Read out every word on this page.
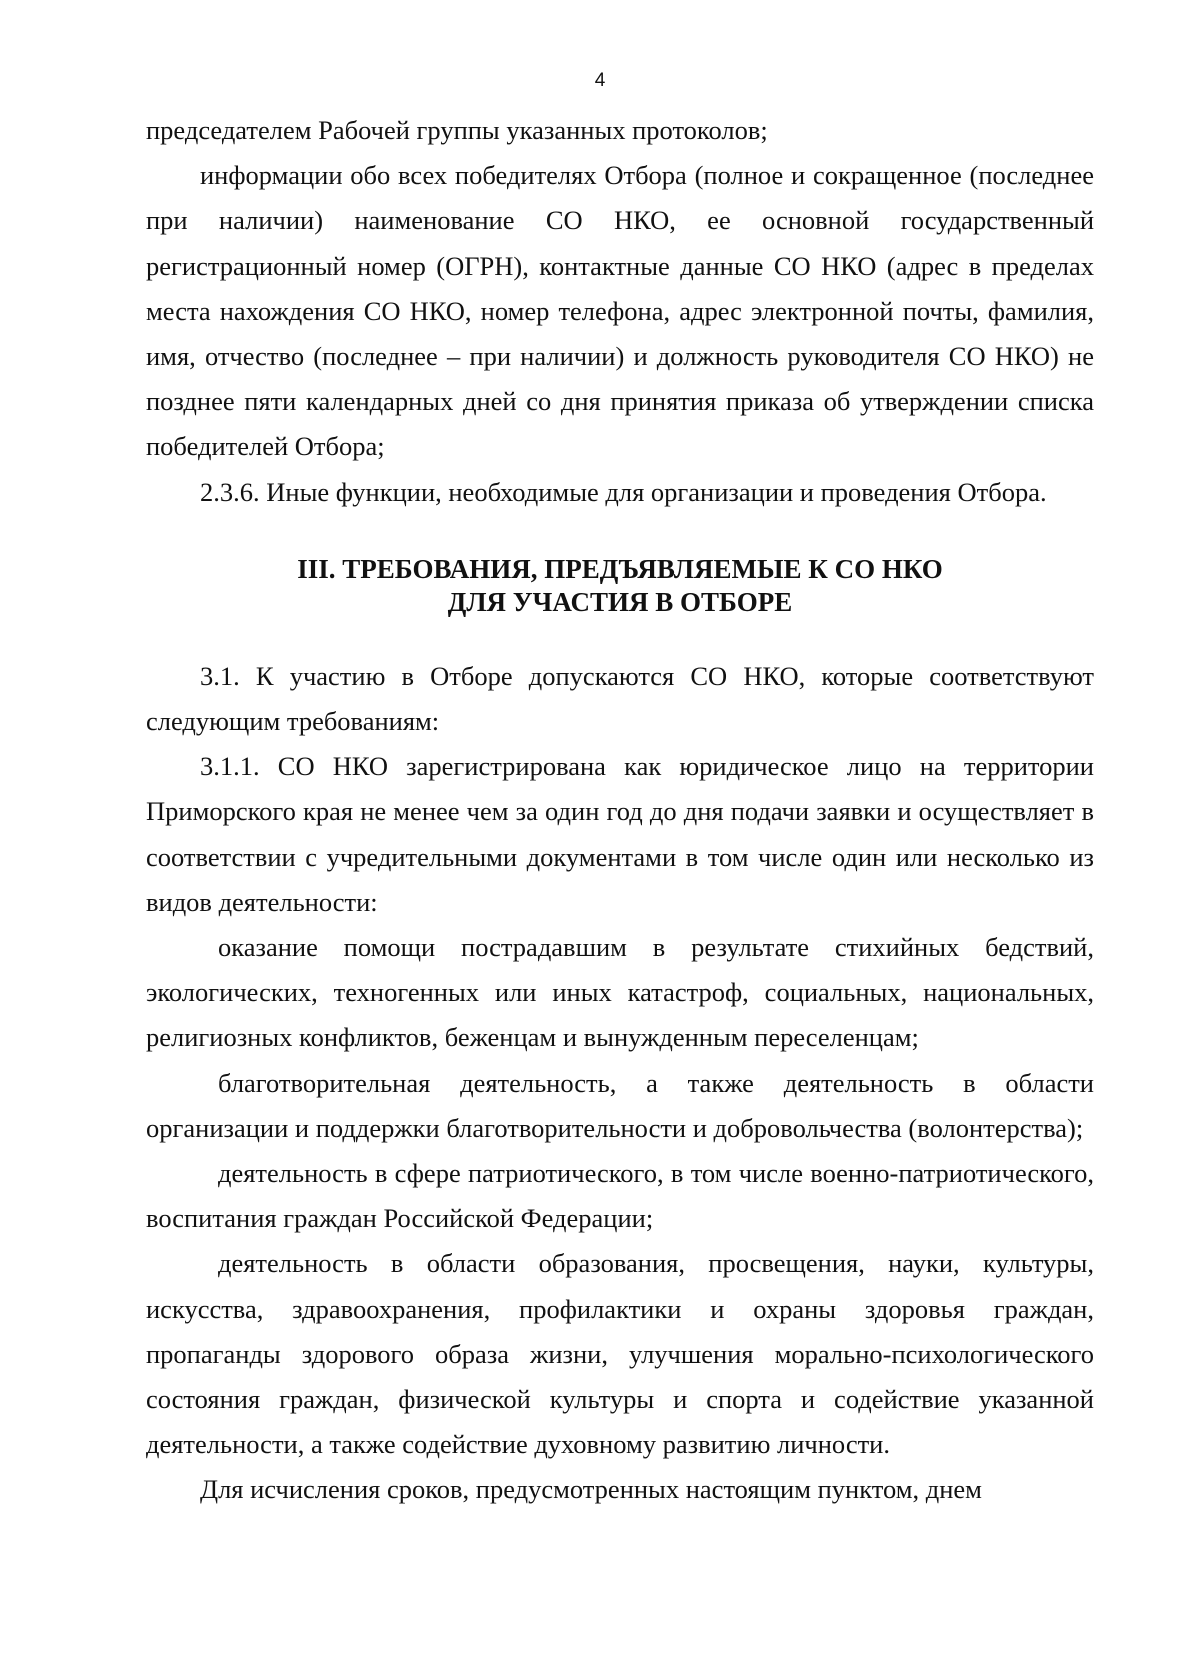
4

председателем Рабочей группы указанных протоколов;

информации обо всех победителях Отбора (полное и сокращенное (последнее при наличии) наименование СО НКО, ее основной государственный регистрационный номер (ОГРН), контактные данные СО НКО (адрес в пределах места нахождения СО НКО, номер телефона, адрес электронной почты, фамилия, имя, отчество (последнее – при наличии) и должность руководителя СО НКО) не позднее пяти календарных дней со дня принятия приказа об утверждении списка победителей Отбора;

2.3.6. Иные функции, необходимые для организации и проведения Отбора.

III. ТРЕБОВАНИЯ, ПРЕДЪЯВЛЯЕМЫЕ К СО НКО
ДЛЯ УЧАСТИЯ В ОТБОРЕ

3.1. К участию в Отборе допускаются СО НКО, которые соответствуют следующим требованиям:

3.1.1. СО НКО зарегистрирована как юридическое лицо на территории Приморского края не менее чем за один год до дня подачи заявки и осуществляет в соответствии с учредительными документами в том числе один или несколько из видов деятельности:

оказание помощи пострадавшим в результате стихийных бедствий, экологических, техногенных или иных катастроф, социальных, национальных, религиозных конфликтов, беженцам и вынужденным переселенцам;

благотворительная деятельность, а также деятельность в области организации и поддержки благотворительности и добровольчества (волонтерства);

деятельность в сфере патриотического, в том числе военно-патриотического, воспитания граждан Российской Федерации;

деятельность в области образования, просвещения, науки, культуры, искусства, здравоохранения, профилактики и охраны здоровья граждан, пропаганды здорового образа жизни, улучшения морально-психологического состояния граждан, физической культуры и спорта и содействие указанной деятельности, а также содействие духовному развитию личности.

Для исчисления сроков, предусмотренных настоящим пунктом, днем
